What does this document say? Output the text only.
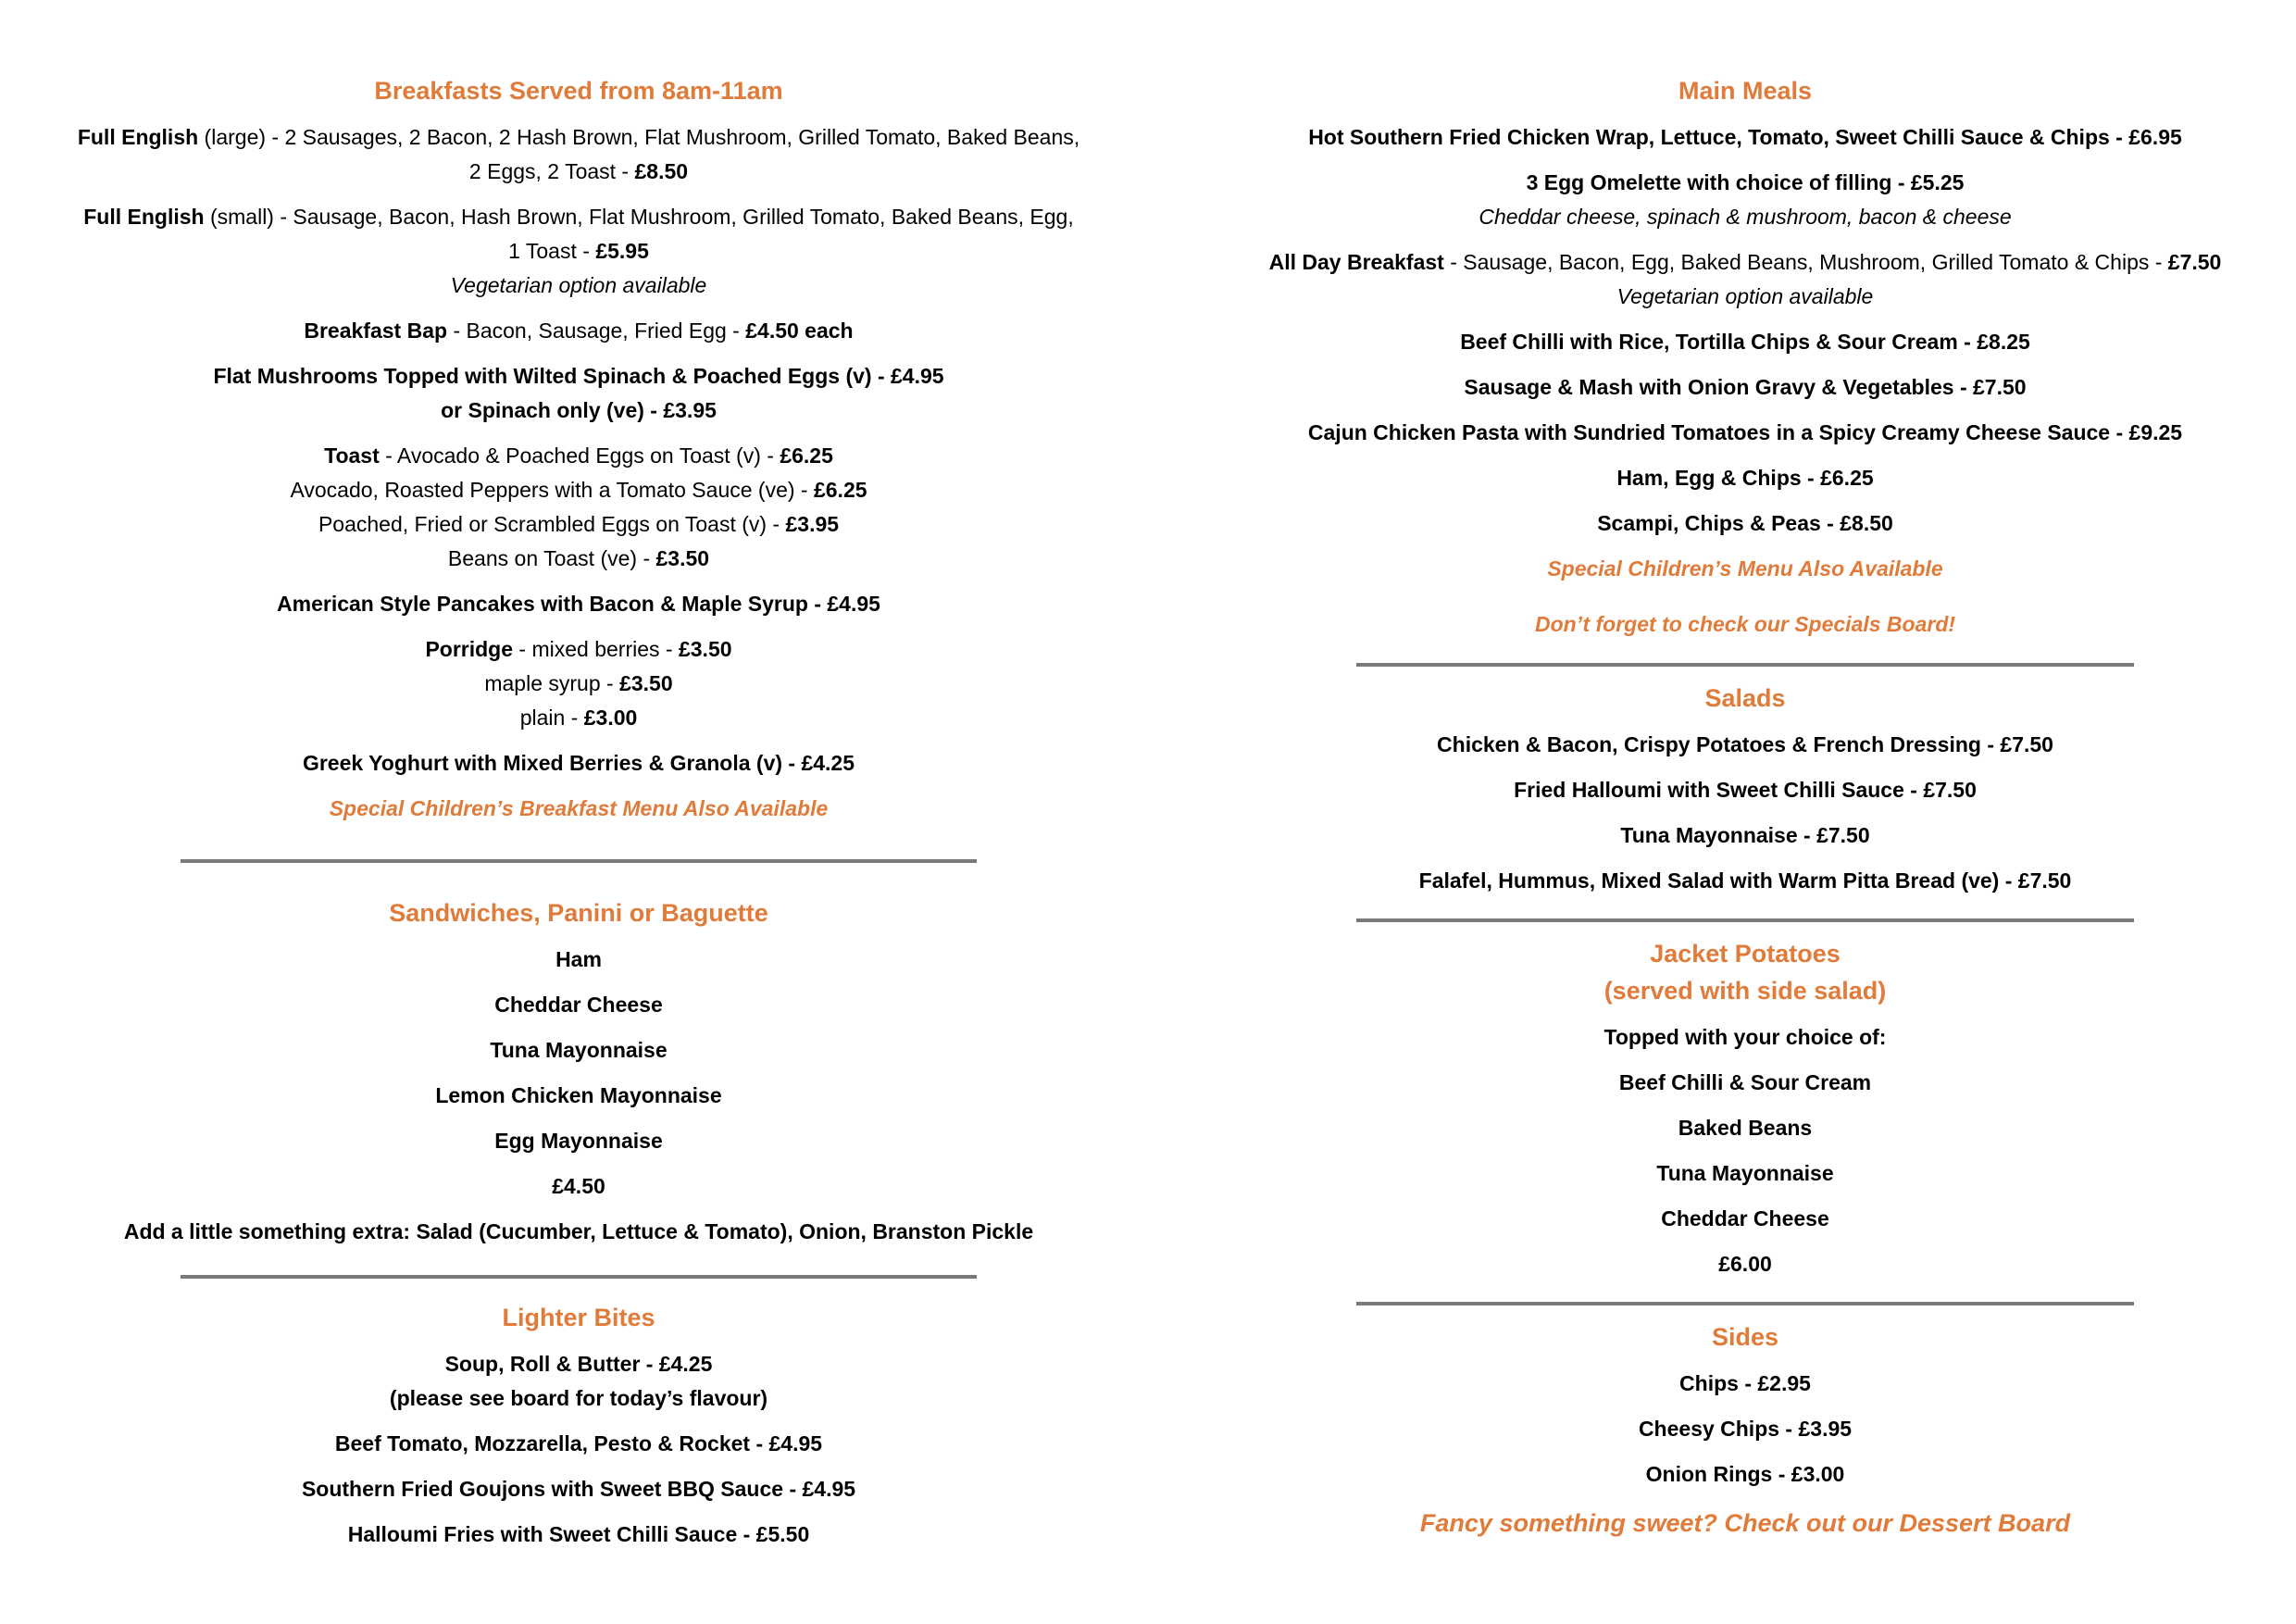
Breakfasts Served from 8am-11am

Full English (large) - 2 Sausages, 2 Bacon, 2 Hash Brown, Flat Mushroom, Grilled Tomato, Baked Beans,
2 Eggs, 2 Toast - £8.50

Full English (small) - Sausage, Bacon, Hash Brown, Flat Mushroom, Grilled Tomato, Baked Beans, Egg,
1 Toast - £5.95

Vegetarian option available

Breakfast Bap - Bacon, Sausage, Fried Egg - £4.50 each

Flat Mushrooms Topped with Wilted Spinach & Poached Eggs (v) - £4.95

or Spinach only (ve) - £3.95

Toast - Avocado & Poached Eggs on Toast (v) - £6.25

Avocado, Roasted Peppers with a Tomato Sauce (ve) - £6.25

Poached, Fried or Scrambled Eggs on Toast (v) - £3.95

Beans on Toast (ve) - £3.50

American Style Pancakes with Bacon & Maple Syrup - £4.95

Porridge - mixed berries - £3.50

maple syrup - £3.50

plain - £3.00

Greek Yoghurt with Mixed Berries & Granola (v) - £4.25

Special Children’s Breakfast Menu Also Available

Sandwiches, Panini or Baguette

Ham

Cheddar Cheese

Tuna Mayonnaise

Lemon Chicken Mayonnaise

Egg Mayonnaise

£4.50

Add a little something extra: Salad (Cucumber, Lettuce & Tomato), Onion, Branston Pickle

Lighter Bites

Soup, Roll & Butter - £4.25

(please see board for today’s flavour)

Beef Tomato, Mozzarella, Pesto & Rocket - £4.95

Southern Fried Goujons with Sweet BBQ Sauce - £4.95

Halloumi Fries with Sweet Chilli Sauce - £5.50

Main Meals

Hot Southern Fried Chicken Wrap, Lettuce, Tomato, Sweet Chilli Sauce & Chips - £6.95

3 Egg Omelette with choice of filling - £5.25

Cheddar cheese, spinach & mushroom, bacon & cheese

All Day Breakfast - Sausage, Bacon, Egg, Baked Beans, Mushroom, Grilled Tomato & Chips - £7.50

Vegetarian option available

Beef Chilli with Rice, Tortilla Chips & Sour Cream - £8.25

Sausage & Mash with Onion Gravy & Vegetables - £7.50

Cajun Chicken Pasta with Sundried Tomatoes in a Spicy Creamy Cheese Sauce - £9.25

Ham, Egg & Chips - £6.25

Scampi, Chips & Peas - £8.50

Special Children’s Menu Also Available

Don’t forget to check our Specials Board!

Salads

Chicken & Bacon, Crispy Potatoes & French Dressing - £7.50

Fried Halloumi with Sweet Chilli Sauce - £7.50

Tuna Mayonnaise - £7.50

Falafel, Hummus, Mixed Salad with Warm Pitta Bread (ve) - £7.50

Jacket Potatoes

(served with side salad)

Topped with your choice of:

Beef Chilli & Sour Cream

Baked Beans

Tuna Mayonnaise

Cheddar Cheese

£6.00

Sides

Chips - £2.95

Cheesy Chips - £3.95

Onion Rings - £3.00

Fancy something sweet? Check out our Dessert Board
